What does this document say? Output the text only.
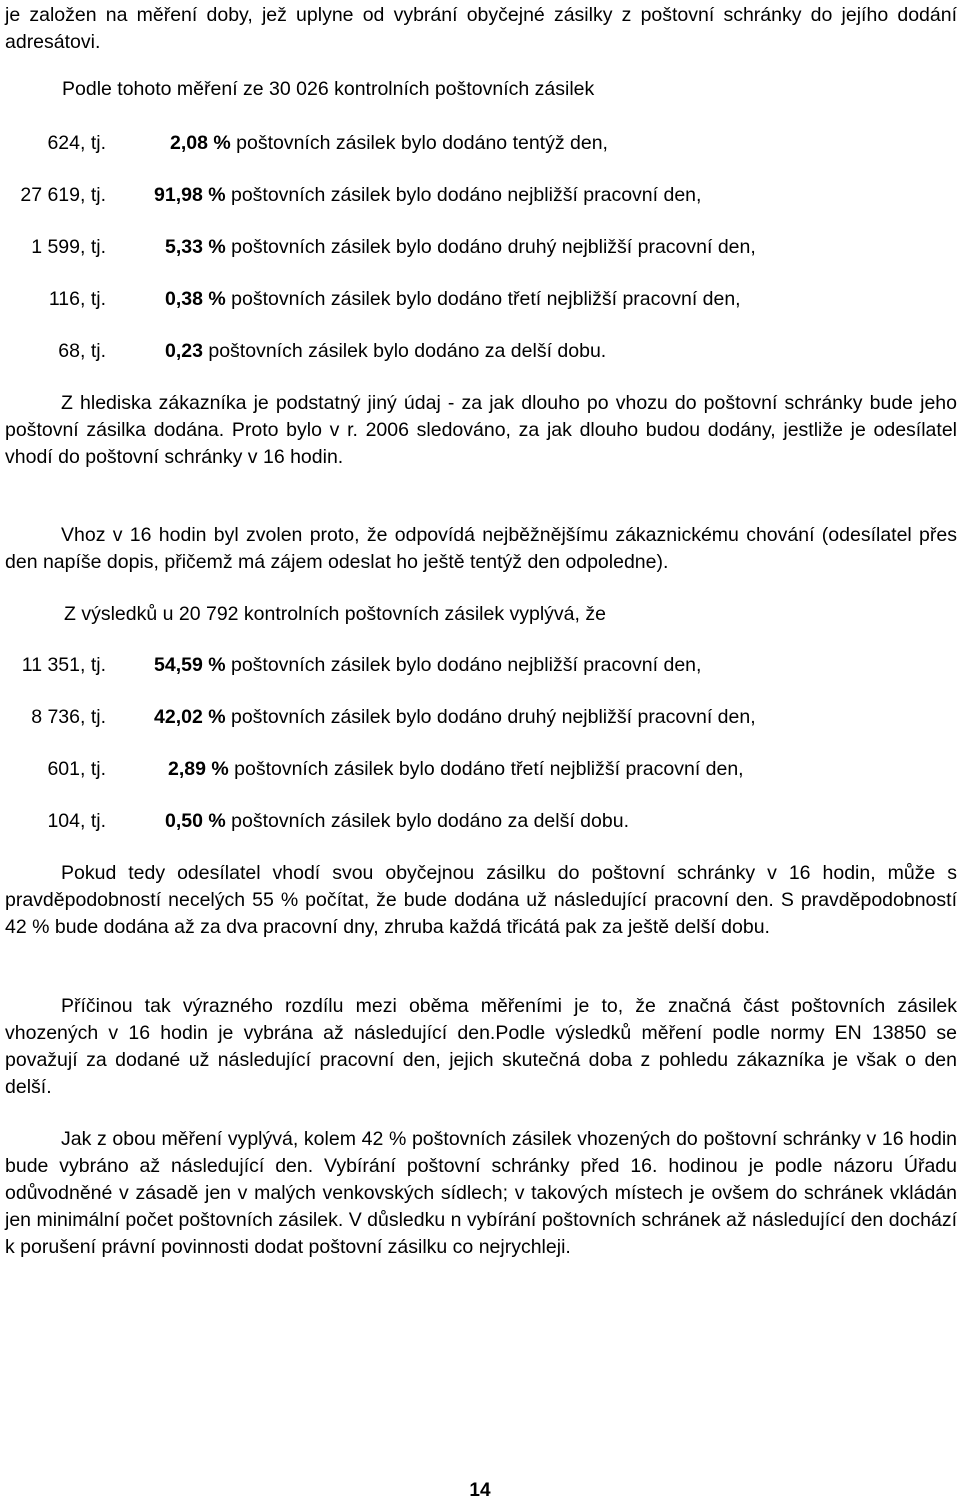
je založen na měření doby, jež uplyne od vybrání obyčejné zásilky z poštovní schránky do jejího dodání adresátovi.

Podle tohoto měření ze 30 026 kontrolních poštovních zásilek
624, tj.	2,08 % poštovních zásilek bylo dodáno tentýž den,
27 619, tj. 91,98 % poštovních zásilek bylo dodáno nejbližší pracovní den,
1 599, tj.	5,33 % poštovních zásilek bylo dodáno druhý nejbližší pracovní den,
116, tj.	0,38 % poštovních zásilek bylo dodáno třetí nejbližší pracovní den,
68, tj.	0,23 poštovních zásilek bylo dodáno za delší dobu.

Z hlediska zákazníka je podstatný jiný údaj - za jak dlouho po vhozu do poštovní schránky bude jeho poštovní zásilka dodána. Proto bylo v r. 2006 sledováno, za jak dlouho budou dodány, jestliže je odesílatel vhodí do poštovní schránky v 16 hodin.

Vhoz v 16 hodin byl zvolen proto, že odpovídá nejběžnějšímu zákaznickému chování (odesílatel přes den napíše dopis, přičemž má zájem odeslat ho ještě tentýž den odpoledne).

Z výsledků u 20 792 kontrolních poštovních zásilek vyplývá, že
11 351, tj. 54,59 % poštovních zásilek bylo dodáno nejbližší pracovní den,
8 736, tj. 42,02 % poštovních zásilek bylo dodáno druhý nejbližší pracovní den,
601, tj.	2,89 % poštovních zásilek bylo dodáno třetí nejbližší pracovní den,
104, tj.	0,50 % poštovních zásilek bylo dodáno za delší dobu.

Pokud tedy odesílatel vhodí svou obyčejnou zásilku do poštovní schránky v 16 hodin, může s pravděpodobností necelých 55 % počítat, že bude dodána už následující pracovní den. S pravděpodobností 42 % bude dodána až za dva pracovní dny, zhruba každá třicátá pak za ještě delší dobu.

Příčinou tak výrazného rozdílu mezi oběma měřeními je to, že značná část poštovních zásilek vhozených v 16 hodin je vybrána až následující den.Podle výsledků měření podle normy EN 13850 se považují za dodané už následující pracovní den, jejich skutečná doba z pohledu zákazníka je však o den delší.

Jak z obou měření vyplývá, kolem 42 % poštovních zásilek vhozených do poštovní schránky v 16 hodin bude vybráno až následující den. Vybírání poštovní schránky před 16. hodinou je podle názoru Úřadu odůvodněné v zásadě jen v malých venkovských sídlech; v takových místech je ovšem do schránek vkládán jen minimální počet poštovních zásilek. V důsledku n vybírání poštovních schránek až následující den dochází k porušení právní povinnosti dodat poštovní zásilku co nejrychleji.

14
